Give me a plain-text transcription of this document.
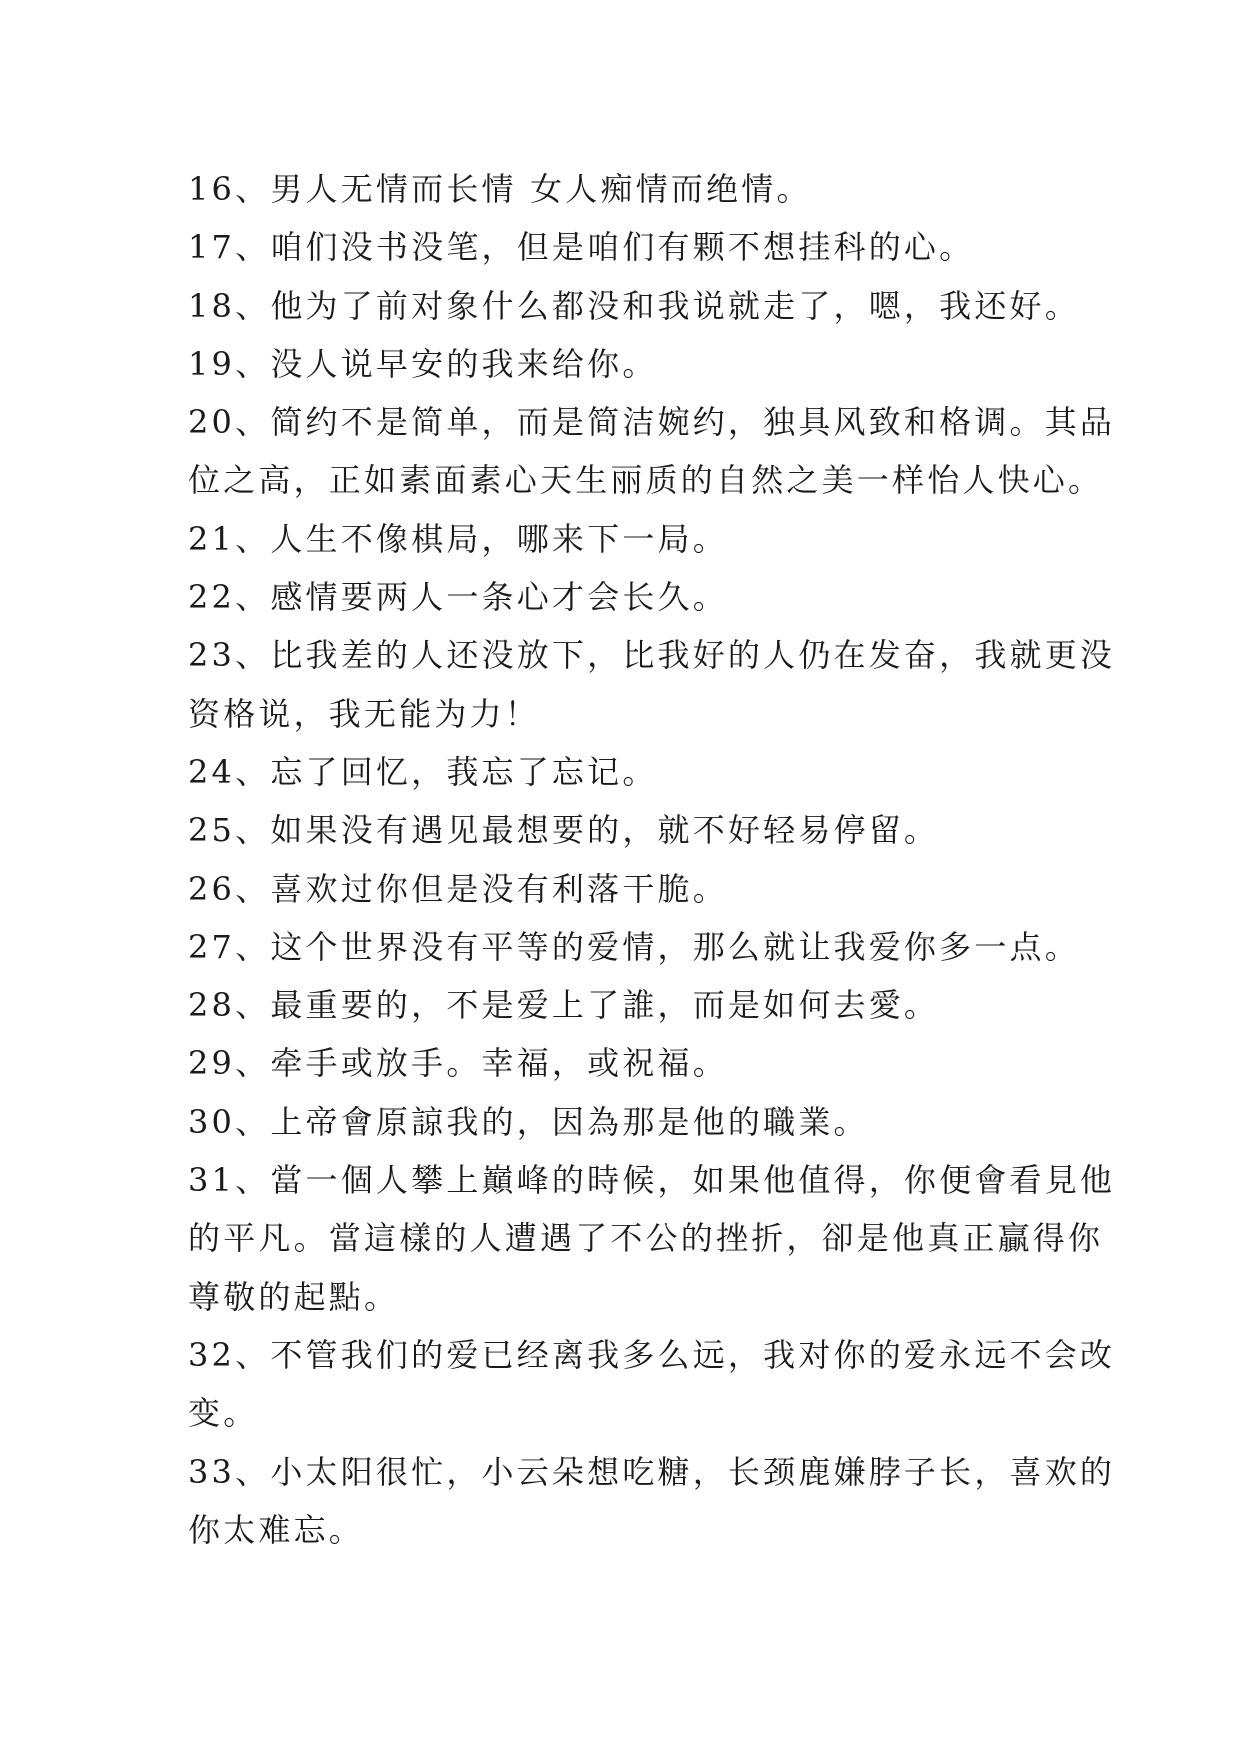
16、男人无情而长情 女人痴情而绝情。

17、咱们没书没笔，但是咱们有颗不想挂科的心。

18、他为了前对象什么都没和我说就走了，嗯，我还好。

19、没人说早安的我来给你。

20、简约不是简单，而是简洁婉约，独具风致和格调。其品

位之高，正如素面素心天生丽质的自然之美一样怡人快心。

21、人生不像棋局，哪来下一局。

22、感情要两人一条心才会长久。

23、比我差的人还没放下，比我好的人仍在发奋，我就更没

资格说，我无能为力！

24、忘了回忆，莪忘了忘记。

25、如果没有遇见最想要的，就不好轻易停留。

26、喜欢过你但是没有利落干脆。

27、这个世界没有平等的爱情，那么就让我爱你多一点。

28、最重要的，不是爱上了誰，而是如何去愛。

29、牵手或放手。幸福，或祝福。

30、上帝會原諒我的，因為那是他的職業。

31、當一個人攀上巔峰的時候，如果他值得，你便會看見他

的平凡。當這樣的人遭遇了不公的挫折，卻是他真正贏得你

尊敬的起點。

32、不管我们的爱已经离我多么远，我对你的爱永远不会改

变。

33、小太阳很忙，小云朵想吃糖，长颈鹿嫌脖子长，喜欢的

你太难忘。
